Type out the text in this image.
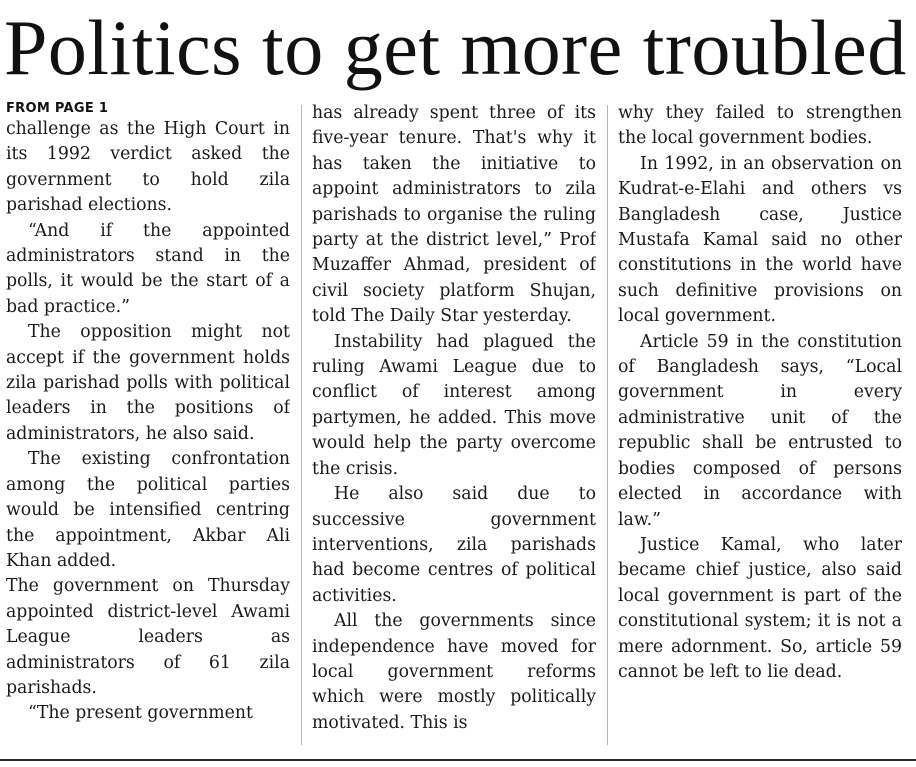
Politics to get more troubled
FROM PAGE 1

challenge as the High Court in its 1992 verdict asked the government to hold zila parishad elections.

“And if the appointed administrators stand in the polls, it would be the start of a bad practice.”

The opposition might not accept if the government holds zila parishad polls with political leaders in the positions of administrators, he also said.

The existing confrontation among the political parties would be intensified centring the appointment, Akbar Ali Khan added.

The government on Thursday appointed district-level Awami League leaders as administrators of 61 zila parishads.

“The present government

has already spent three of its five-year tenure. That's why it has taken the initiative to appoint administrators to zila parishads to organise the ruling party at the district level,” Prof Muzaffer Ahmad, president of civil society platform Shujan, told The Daily Star yesterday.

Instability had plagued the ruling Awami League due to conflict of interest among partymen, he added. This move would help the party overcome the crisis.

He also said due to successive government interventions, zila parishads had become centres of political activities.

All the governments since independence have moved for local government reforms which were mostly politically motivated. This is

why they failed to strengthen the local government bodies.

In 1992, in an observation on Kudrat-e-Elahi and others vs Bangladesh case, Justice Mustafa Kamal said no other constitutions in the world have such definitive provisions on local government.

Article 59 in the constitution of Bangladesh says, “Local government in every administrative unit of the republic shall be entrusted to bodies composed of persons elected in accordance with law.”

Justice Kamal, who later became chief justice, also said local government is part of the constitutional system; it is not a mere adornment. So, article 59 cannot be left to lie dead.
